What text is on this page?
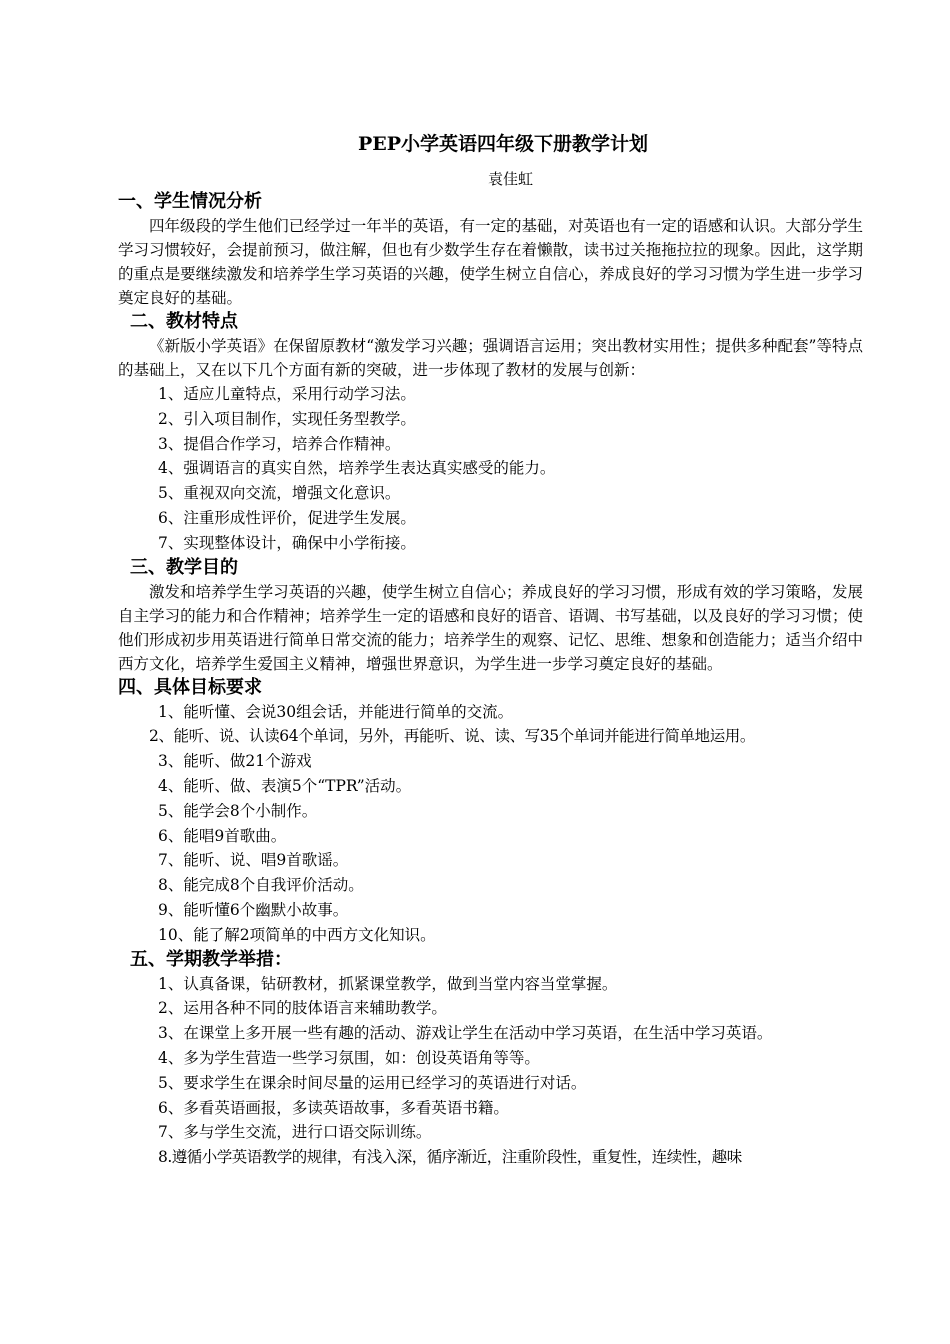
PEP小学英语四年级下册教学计划

袁佳虹

一、学生情况分析

四年级段的学生他们已经学过一年半的英语，有一定的基础，对英语也有一定的语感和认识。大部分学生学习习惯较好，会提前预习，做注解，但也有少数学生存在着懒散，读书过关拖拖拉拉的现象。因此，这学期的重点是要继续激发和培养学生学习英语的兴趣，使学生树立自信心，养成良好的学习习惯为学生进一步学习奠定良好的基础。

二、教材特点

《新版小学英语》在保留原教材“激发学习兴趣；强调语言运用；突出教材实用性；提供多种配套”等特点的基础上，又在以下几个方面有新的突破，进一步体现了教材的发展与创新：

1、适应儿童特点，采用行动学习法。
2、引入项目制作，实现任务型教学。
3、提倡合作学习，培养合作精神。
4、强调语言的真实自然，培养学生表达真实感受的能力。
5、重视双向交流，增强文化意识。
6、注重形成性评价，促进学生发展。
7、实现整体设计，确保中小学衔接。
三、教学目的

激发和培养学生学习英语的兴趣，使学生树立自信心；养成良好的学习习惯，形成有效的学习策略，发展自主学习的能力和合作精神；培养学生一定的语感和良好的语音、语调、书写基础，以及良好的学习习惯；使他们形成初步用英语进行简单日常交流的能力；培养学生的观察、记忆、思维、想象和创造能力；适当介绍中西方文化，培养学生爱国主义精神，增强世界意识，为学生进一步学习奠定良好的基础。

四、具体目标要求
1、能听懂、会说30组会话，并能进行简单的交流。
2、能听、说、认读64个单词，另外，再能听、说、读、写35个单词并能进行简单地运用。
3、能听、做21个游戏
4、能听、做、表演5个“TPR”活动。
5、能学会8个小制作。
6、能唱9首歌曲。
7、能听、说、唱9首歌谣。
8、能完成8个自我评价活动。
9、能听懂6个幽默小故事。
10、能了解2项简单的中西方文化知识。
五、学期教学举措：
1、认真备课，钻研教材，抓紧课堂教学，做到当堂内容当堂掌握。
2、运用各种不同的肢体语言来辅助教学。
3、在课堂上多开展一些有趣的活动、游戏让学生在活动中学习英语，在生活中学习英语。
4、多为学生营造一些学习氛围，如：创设英语角等等。
5、要求学生在课余时间尽量的运用已经学习的英语进行对话。
6、多看英语画报，多读英语故事，多看英语书籍。
7、多与学生交流，进行口语交际训练。
8.遵循小学英语教学的规律，有浅入深，循序渐近，注重阶段性，重复性，连续性，趣味
